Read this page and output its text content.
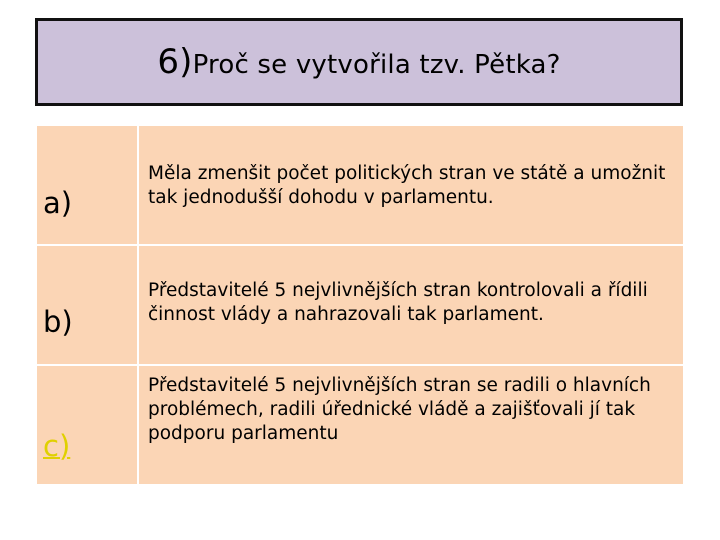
6)Proč se vytvořila tzv. Pětka?
a)
Měla zmenšit počet politických stran ve státě a umožnit tak jednodušší dohodu v parlamentu.
b)
Představitelé 5 nejvlivnějších stran kontrolovali a řídili činnost vlády a nahrazovali tak parlament.
c)
Představitelé 5 nejvlivnějších stran se radili o hlavních problémech, radili úřednické vládě a zajišťovali jí tak podporu parlamentu
